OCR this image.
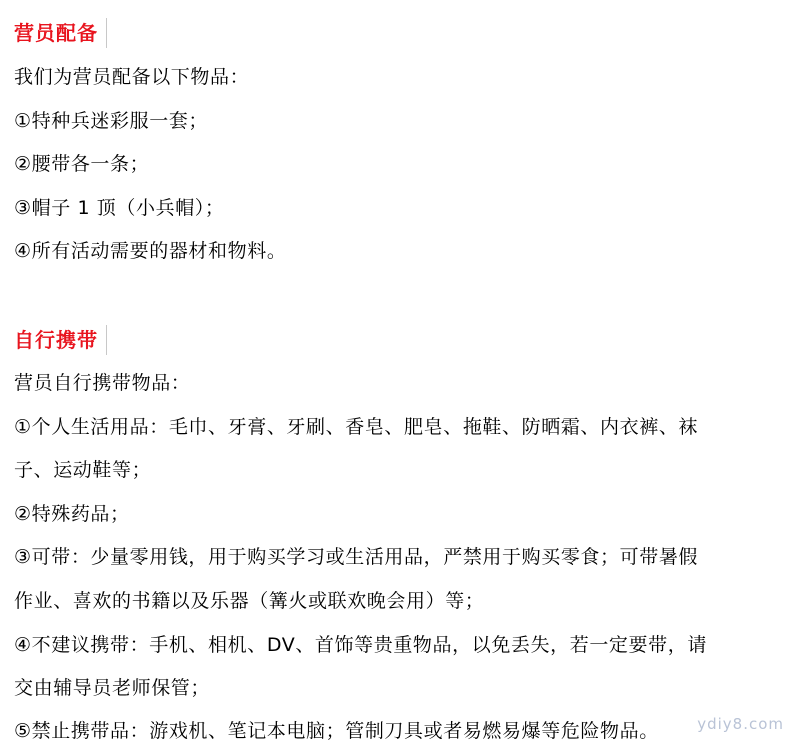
营员配备
我们为营员配备以下物品：
①特种兵迷彩服一套；
②腰带各一条；
③帽子 1 顶（小兵帽）；
④所有活动需要的器材和物料。
自行携带
营员自行携带物品：
①个人生活用品：毛巾、牙膏、牙刷、香皂、肥皂、拖鞋、防晒霜、内衣裤、袜
子、运动鞋等；
②特殊药品；
③可带：少量零用钱，用于购买学习或生活用品，严禁用于购买零食；可带暑假
作业、喜欢的书籍以及乐器（篝火或联欢晚会用）等；
④不建议携带：手机、相机、DV、首饰等贵重物品，以免丢失，若一定要带，请
交由辅导员老师保管；
⑤禁止携带品：游戏机、笔记本电脑；管制刀具或者易燃易爆等危险物品。	ydiy8.com
